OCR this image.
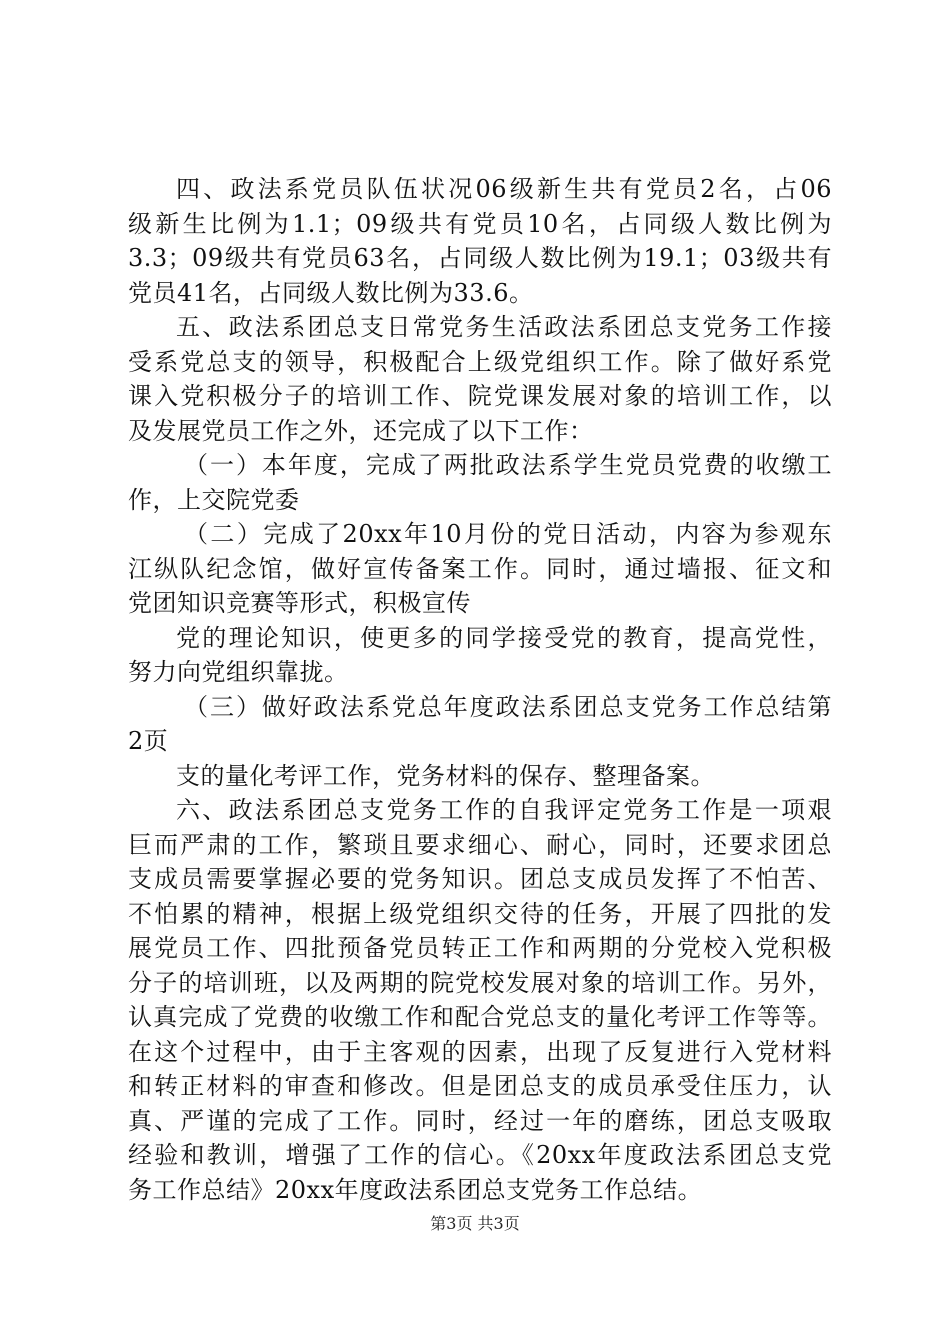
四、政法系党员队伍状况06级新生共有党员2名，占06
级新生比例为1.1；09级共有党员10名，占同级人数比例为
3.3；09级共有党员63名，占同级人数比例为19.1；03级共有
党员41名，占同级人数比例为33.6。
五、政法系团总支日常党务生活政法系团总支党务工作接
受系党总支的领导，积极配合上级党组织工作。除了做好系党
课入党积极分子的培训工作、院党课发展对象的培训工作，以
及发展党员工作之外，还完成了以下工作：
（一）本年度，完成了两批政法系学生党员党费的收缴工
作，上交院党委
（二）完成了20xx年10月份的党日活动，内容为参观东
江纵队纪念馆，做好宣传备案工作。同时，通过墙报、征文和
党团知识竞赛等形式，积极宣传
党的理论知识，使更多的同学接受党的教育，提高党性，
努力向党组织靠拢。
（三）做好政法系党总年度政法系团总支党务工作总结第
2页
支的量化考评工作，党务材料的保存、整理备案。
六、政法系团总支党务工作的自我评定党务工作是一项艰
巨而严肃的工作，繁琐且要求细心、耐心，同时，还要求团总
支成员需要掌握必要的党务知识。团总支成员发挥了不怕苦、
不怕累的精神，根据上级党组织交待的任务，开展了四批的发
展党员工作、四批预备党员转正工作和两期的分党校入党积极
分子的培训班，以及两期的院党校发展对象的培训工作。另外，
认真完成了党费的收缴工作和配合党总支的量化考评工作等等。
在这个过程中，由于主客观的因素，出现了反复进行入党材料
和转正材料的审查和修改。但是团总支的成员承受住压力，认
真、严谨的完成了工作。同时，经过一年的磨练，团总支吸取
经验和教训，增强了工作的信心。《20xx年度政法系团总支党
务工作总结》20xx年度政法系团总支党务工作总结。
第3页 共3页
